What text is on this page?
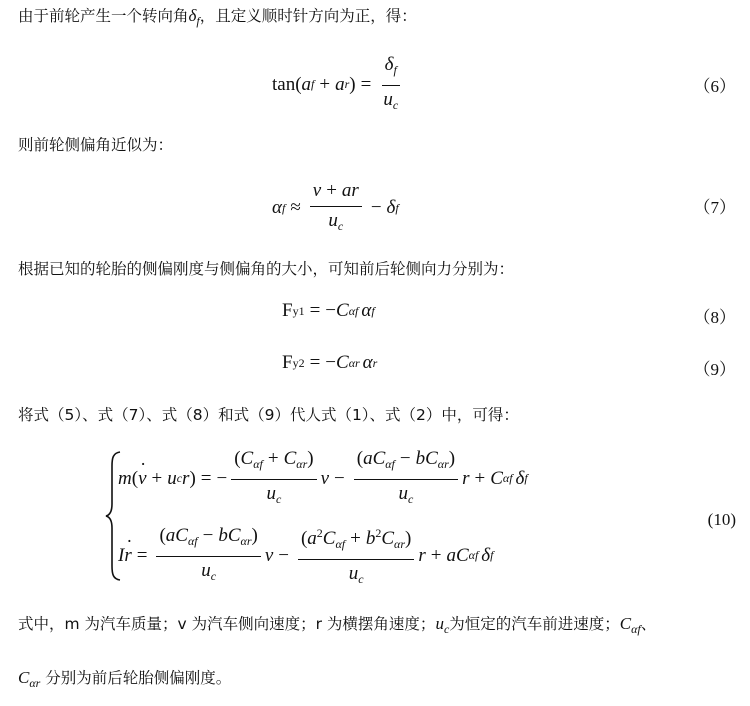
由于前轮产生一个转向角$\delta_f$，且定义顺时针方向为正，得：
tan( a f + a r ) = $\frac{\delta_f}{u_c}$	（6）
则前轮侧偏角近似为：
α $f \approx \frac{v + ar}{u_c} - \delta$ f	（7）
根据已知的轮胎的侧偏刚度与侧偏角的大小，可知前后轮侧向力分别为：
F y1 = − C αf α f	（8）
F y2 = − C αr α r	（9）
将式（5）、式（7）、式（8）和式（9）代人式（1）、式（2）中，可得：
m ( v · + u c r ) = − $\frac{(C_{\alpha f} + C_{\alpha r})}{u_c}$ $v - \frac{(aC_{\alpha f} - bC_{\alpha r})}{u_c}$ r + C αf δ f
I r · = $\frac{(aC_{\alpha f} - bC_{\alpha r})}{u_c}$ $v - \frac{(a^2C_{\alpha f} + b^2C_{\alpha r})}{u_c}$ r + aC αf δ f
(10)
式中，m 为汽车质量；v 为汽车侧向速度；r 为横摆角速度；$u_c$为恒定的汽车前进速度；$C_{\alpha f}$、
$C_{\alpha r}$ 分别为前后轮胎侧偏刚度。
